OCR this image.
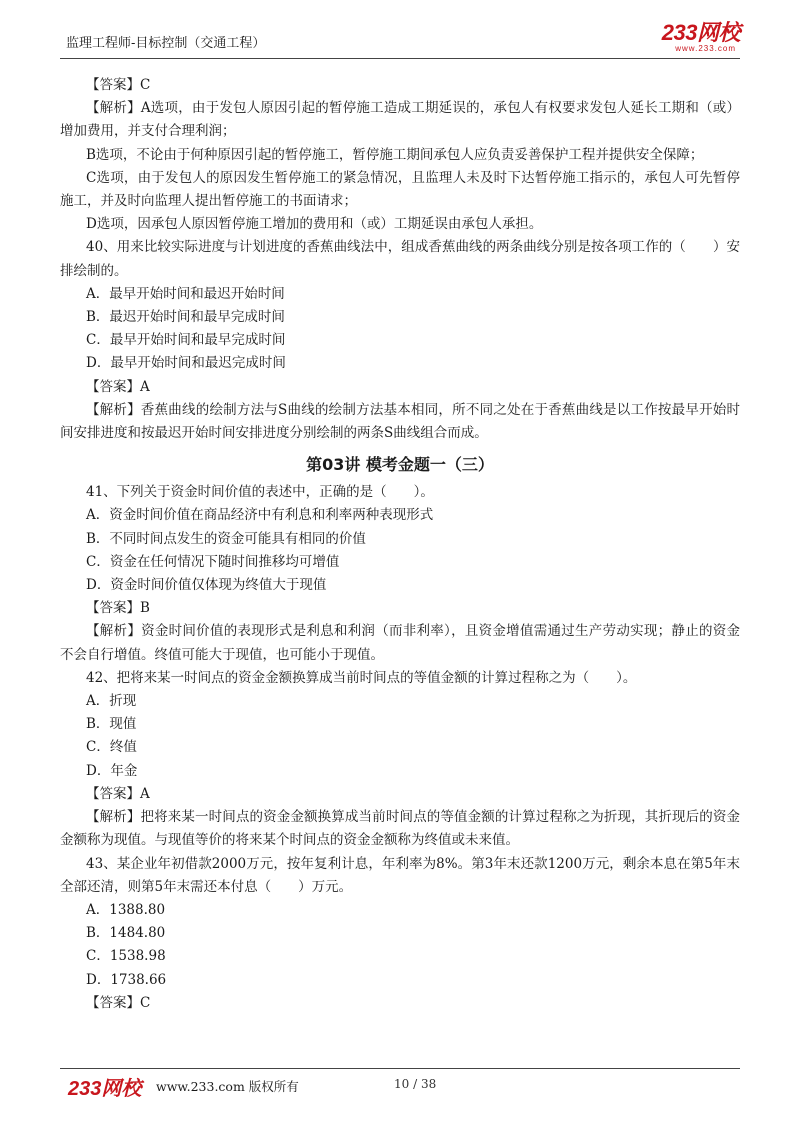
监理工程师-目标控制（交通工程）	233网校
www.233.com

【答案】C

【解析】A选项，由于发包人原因引起的暂停施工造成工期延误的，承包人有权要求发包人延长工期和（或）增加费用，并支付合理利润；

B选项，不论由于何种原因引起的暂停施工，暂停施工期间承包人应负责妥善保护工程并提供安全保障；

C选项，由于发包人的原因发生暂停施工的紧急情况，且监理人未及时下达暂停施工指示的，承包人可先暂停施工，并及时向监理人提出暂停施工的书面请求；

D选项，因承包人原因暂停施工增加的费用和（或）工期延误由承包人承担。

40、用来比较实际进度与计划进度的香蕉曲线法中，组成香蕉曲线的两条曲线分别是按各项工作的（　　）安排绘制的。

A．最早开始时间和最迟开始时间

B．最迟开始时间和最早完成时间

C．最早开始时间和最早完成时间

D．最早开始时间和最迟完成时间

【答案】A

【解析】香蕉曲线的绘制方法与S曲线的绘制方法基本相同，所不同之处在于香蕉曲线是以工作按最早开始时间安排进度和按最迟开始时间安排进度分别绘制的两条S曲线组合而成。

第03讲 模考金题一（三）

41、下列关于资金时间价值的表述中，正确的是（　　）。

A．资金时间价值在商品经济中有利息和利率两种表现形式

B．不同时间点发生的资金可能具有相同的价值

C．资金在任何情况下随时间推移均可增值

D．资金时间价值仅体现为终值大于现值

【答案】B

【解析】资金时间价值的表现形式是利息和利润（而非利率），且资金增值需通过生产劳动实现；静止的资金不会自行增值。终值可能大于现值，也可能小于现值。

42、把将来某一时间点的资金金额换算成当前时间点的等值金额的计算过程称之为（　　）。

A．折现

B．现值

C．终值

D．年金

【答案】A

【解析】把将来某一时间点的资金金额换算成当前时间点的等值金额的计算过程称之为折现，其折现后的资金金额称为现值。与现值等价的将来某个时间点的资金金额称为终值或未来值。

43、某企业年初借款2000万元，按年复利计息，年利率为8%。第3年末还款1200万元，剩余本息在第5年末全部还清，则第5年末需还本付息（　　）万元。

A．1388.80

B．1484.80

C．1538.98

D．1738.66

【答案】C

233网校 www.233.com 版权所有	10 / 38
